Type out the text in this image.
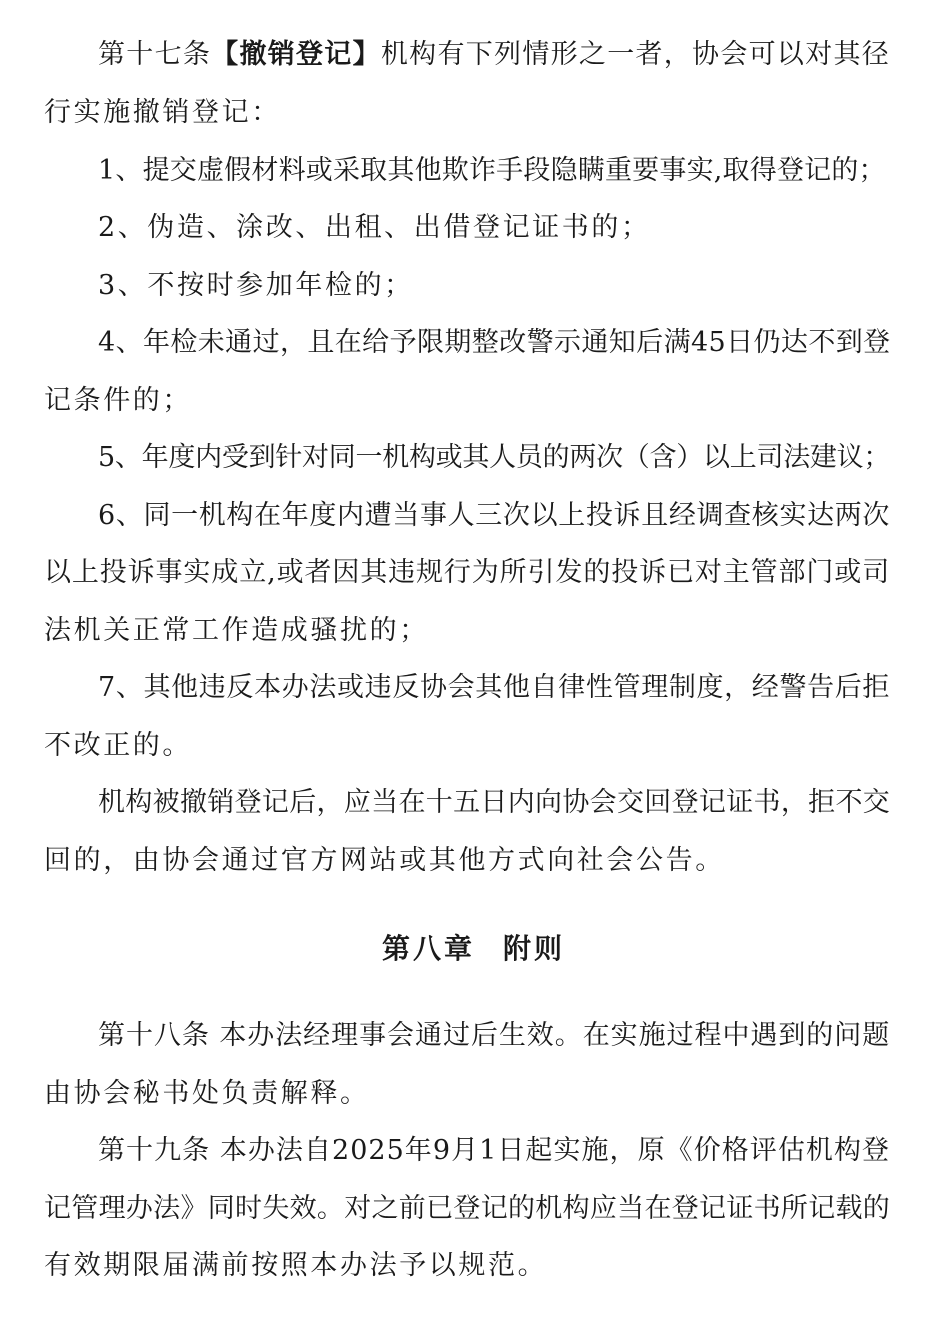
第十七条【撤销登记】机构有下列情形之一者，协会可以对其径
行实施撤销登记：
1、提交虚假材料或采取其他欺诈手段隐瞒重要事实,取得登记的；
2、伪造、涂改、出租、出借登记证书的；
3、不按时参加年检的；
4、年检未通过，且在给予限期整改警示通知后满45日仍达不到登
记条件的；
5、年度内受到针对同一机构或其人员的两次（含）以上司法建议；
6、同一机构在年度内遭当事人三次以上投诉且经调查核实达两次
以上投诉事实成立,或者因其违规行为所引发的投诉已对主管部门或司
法机关正常工作造成骚扰的；
7、其他违反本办法或违反协会其他自律性管理制度，经警告后拒
不改正的。
机构被撤销登记后，应当在十五日内向协会交回登记证书，拒不交
回的，由协会通过官方网站或其他方式向社会公告。
第八章 附则
第十八条 本办法经理事会通过后生效。在实施过程中遇到的问题
由协会秘书处负责解释。
第十九条 本办法自2025年9月1日起实施，原《价格评估机构登
记管理办法》同时失效。对之前已登记的机构应当在登记证书所记载的
有效期限届满前按照本办法予以规范。
